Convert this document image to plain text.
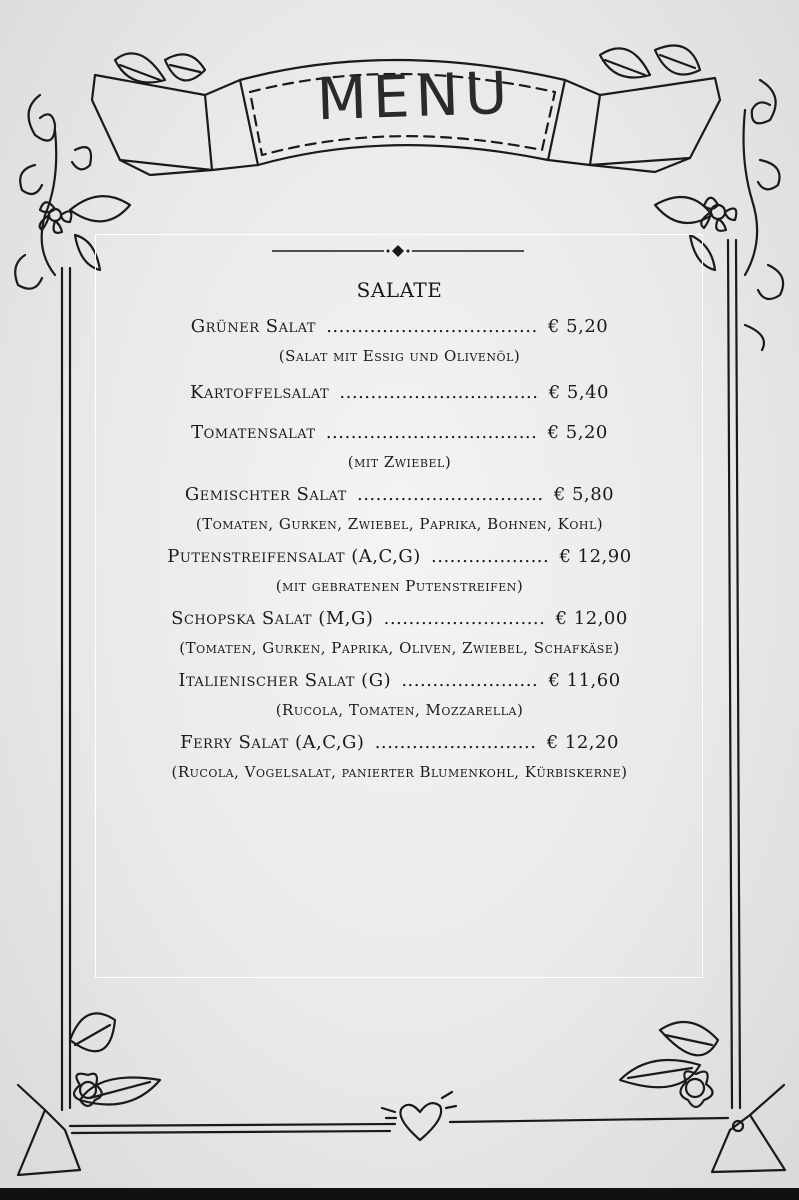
MENU
SALATE
Grüner Salat .................................. € 5,20
(Salat mit Essig und Olivenöl)
Kartoffelsalat ................................ € 5,40
Tomatensalat .................................. € 5,20
(mit Zwiebel)
Gemischter Salat .............................. € 5,80
(Tomaten, Gurken, Zwiebel, Paprika, Bohnen, Kohl)
Putenstreifensalat (A,C,G) ................... € 12,90
(mit gebratenen Putenstreifen)
Schopska Salat (M,G) .......................... € 12,00
(Tomaten, Gurken, Paprika, Oliven, Zwiebel, Schafkäse)
Italienischer Salat (G) ...................... € 11,60
(Rucola, Tomaten, Mozzarella)
Ferry Salat (A,C,G) .......................... € 12,20
(Rucola, Vogelsalat, panierter Blumenkohl, Kürbiskerne)
